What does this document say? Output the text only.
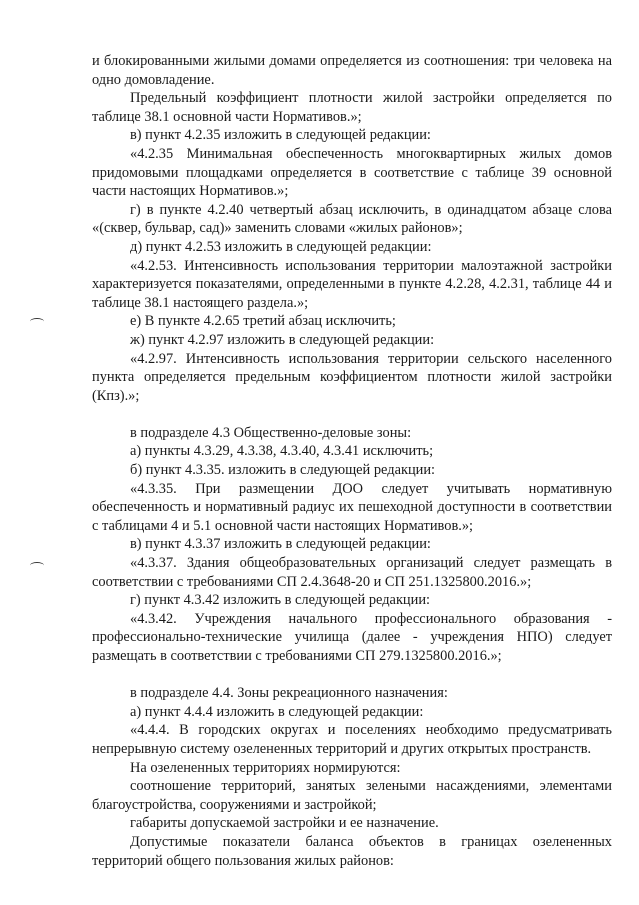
и блокированными жилыми домами определяется из соотношения: три человека на одно домовладение.

Предельный коэффициент плотности жилой застройки определяется по таблице 38.1 основной части Нормативов.»;

в) пункт 4.2.35 изложить в следующей редакции:

«4.2.35 Минимальная обеспеченность многоквартирных жилых домов придомовыми площадками определяется в соответствие с таблице 39 основной части настоящих Нормативов.»;

г) в пункте 4.2.40 четвертый абзац исключить, в одинадцатом абзаце слова «(сквер, бульвар, сад)» заменить словами «жилых районов»;

д) пункт 4.2.53 изложить в следующей редакции:

«4.2.53. Интенсивность использования территории малоэтажной застройки характеризуется показателями, определенными в пункте 4.2.28, 4.2.31, таблице 44 и таблице 38.1 настоящего раздела.»;

е) В пункте 4.2.65 третий абзац исключить;

ж) пункт 4.2.97 изложить в следующей редакции:

«4.2.97. Интенсивность использования территории сельского населенного пункта определяется предельным коэффициентом плотности жилой застройки (Кпз).»;

в подразделе 4.3 Общественно-деловые зоны:

а) пункты 4.3.29, 4.3.38, 4.3.40, 4.3.41 исключить;

б) пункт 4.3.35. изложить в следующей редакции:

«4.3.35. При размещении ДОО следует учитывать нормативную обеспеченность и нормативный радиус их пешеходной доступности в соответствии с таблицами 4 и 5.1 основной части настоящих Нормативов.»;

в) пункт 4.3.37 изложить в следующей редакции:

«4.3.37. Здания общеобразовательных организаций следует размещать в соответствии с требованиями СП 2.4.3648-20 и СП 251.1325800.2016.»;

г) пункт 4.3.42 изложить в следующей редакции:

«4.3.42. Учреждения начального профессионального образования - профессионально-технические училища (далее - учреждения НПО) следует размещать в соответствии с требованиями СП 279.1325800.2016.»;

в подразделе 4.4. Зоны рекреационного назначения:

а) пункт 4.4.4 изложить в следующей редакции:

«4.4.4. В городских округах и поселениях необходимо предусматривать непрерывную систему озелененных территорий и других открытых пространств.

На озелененных территориях нормируются:

соотношение территорий, занятых зелеными насаждениями, элементами благоустройства, сооружениями и застройкой;

габариты допускаемой застройки и ее назначение.

Допустимые показатели баланса объектов в границах озелененных территорий общего пользования жилых районов:
